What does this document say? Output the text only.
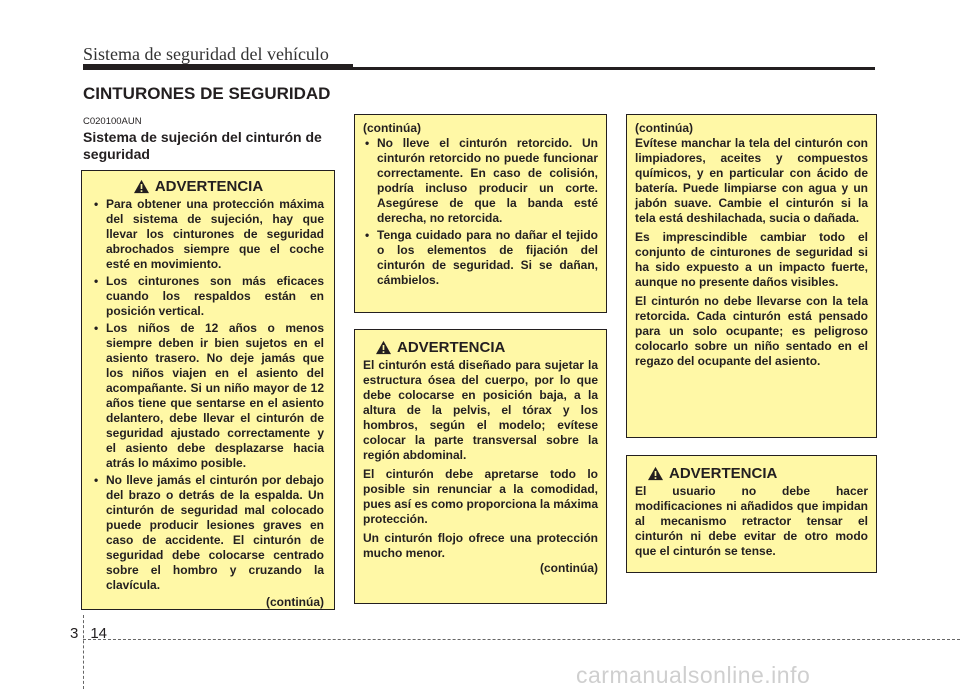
Sistema de seguridad del vehículo
CINTURONES DE SEGURIDAD
C020100AUN
Sistema de sujeción del cinturón de seguridad
ADVERTENCIA
• Para obtener una protección máxima del sistema de sujeción, hay que llevar los cinturones de seguridad abrochados siempre que el coche esté en movimiento.
• Los cinturones son más eficaces cuando los respaldos están en posición vertical.
• Los niños de 12 años o menos siempre deben ir bien sujetos en el asiento trasero. No deje jamás que los niños viajen en el asiento del acompañante. Si un niño mayor de 12 años tiene que sentarse en el asiento delantero, debe llevar el cinturón de seguridad ajustado correctamente y el asiento debe desplazarse hacia atrás lo máximo posible.
• No lleve jamás el cinturón por debajo del brazo o detrás de la espalda. Un cinturón de seguridad mal colocado puede producir lesiones graves en caso de accidente. El cinturón de seguridad debe colocarse centrado sobre el hombro y cruzando la clavícula.

(continúa)

(continúa)

• No lleve el cinturón retorcido. Un cinturón retorcido no puede funcionar correctamente. En caso de colisión, podría incluso producir un corte. Asegúrese de que la banda esté derecha, no retorcida.
• Tenga cuidado para no dañar el tejido o los elementos de fijación del cinturón de seguridad. Si se dañan, cámbielos.
ADVERTENCIA

El cinturón está diseñado para sujetar la estructura ósea del cuerpo, por lo que debe colocarse en posición baja, a la altura de la pelvis, el tórax y los hombros, según el modelo; evítese colocar la parte transversal sobre la región abdominal.

El cinturón debe apretarse todo lo posible sin renunciar a la comodidad, pues así es como proporciona la máxima protección.

Un cinturón flojo ofrece una protección mucho menor.

(continúa)

(continúa)

Evítese manchar la tela del cinturón con limpiadores, aceites y compuestos químicos, y en particular con ácido de batería. Puede limpiarse con agua y un jabón suave. Cambie el cinturón si la tela está deshilachada, sucia o dañada.

Es imprescindible cambiar todo el conjunto de cinturones de seguridad si ha sido expuesto a un impacto fuerte, aunque no presente daños visibles.

El cinturón no debe llevarse con la tela retorcida. Cada cinturón está pensado para un solo ocupante; es peligroso colocarlo sobre un niño sentado en el regazo del ocupante del asiento.

ADVERTENCIA

El usuario no debe hacer modificaciones ni añadidos que impidan al mecanismo retractor tensar el cinturón ni debe evitar de otro modo que el cinturón se tense.

3 14
carmanualsonline.info
